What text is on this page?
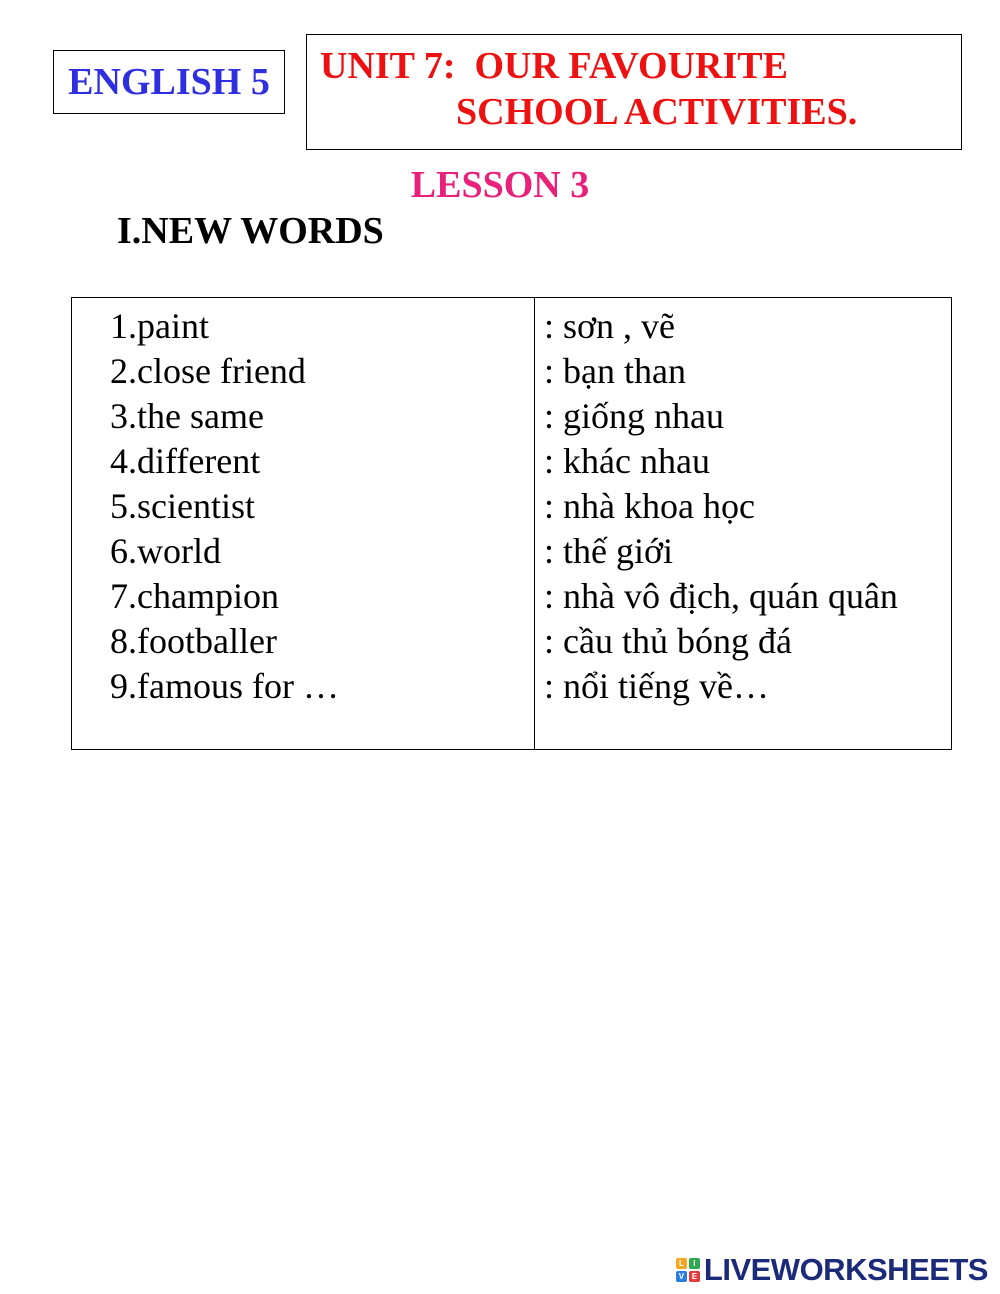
ENGLISH 5 UNIT 7:  OUR FAVOURITE
SCHOOL ACTIVITIES.
LESSON 3
I.NEW WORDS
1.paint
2.close friend
3.the same
4.different
5.scientist
6.world
7.champion
8.footballer
9.famous for …
: sơn , vẽ
: bạn than
: giống nhau
: khác nhau
: nhà khoa học
: thế giới
: nhà vô địch, quán quân
: cầu thủ bóng đá
: nổi tiếng về…
L	I
V E LIVEWORKSHEETS
